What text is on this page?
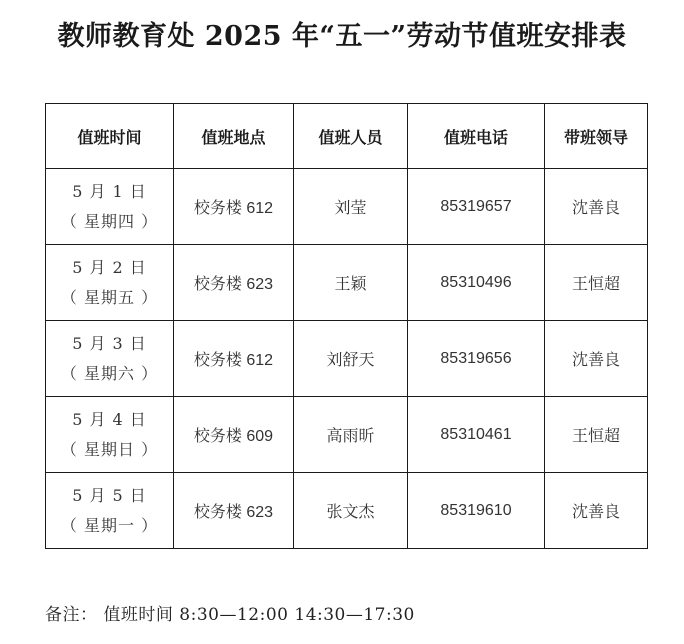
教师教育处 2025 年“五一”劳动节值班安排表
值班时间	值班地点	值班人员	值班电话	带班领导

5 月 1 日
（ 星期四 ）	校务楼 612	刘莹	85319657	沈善良

5 月 2 日
（ 星期五 ）	校务楼 623	王颖	85310496	王恒超

5 月 3 日
（ 星期六 ）	校务楼 612	刘舒天	85319656	沈善良

5 月 4 日
（ 星期日 ）	校务楼 609	高雨昕	85310461	王恒超

5 月 5 日
（ 星期一 ）	校务楼 623	张文杰	85319610	沈善良
备注： 值班时间 8:30—12:00 14:30—17:30
